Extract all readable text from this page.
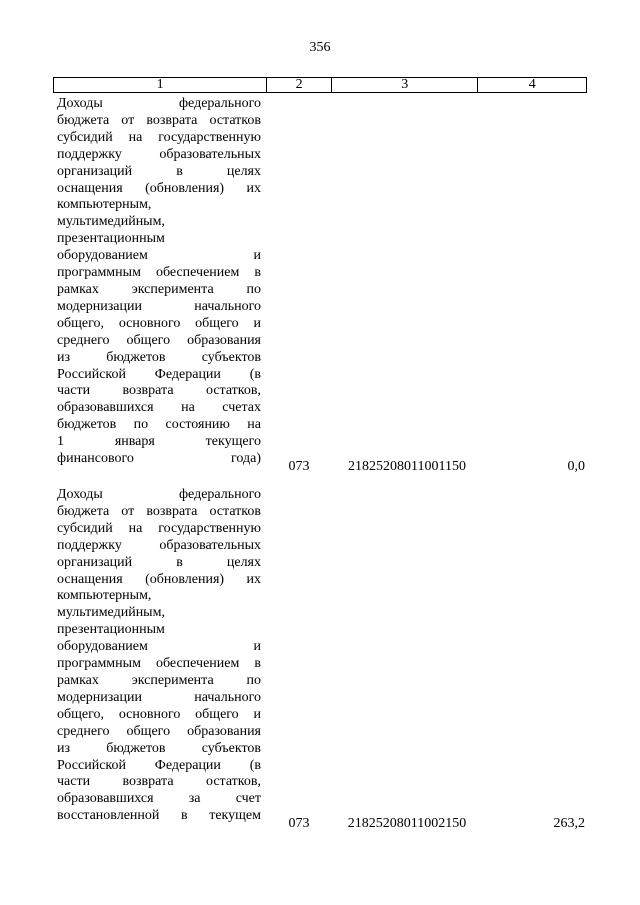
356
1	2	3	4
Доходы федерального
бюджета от возврата остатков
субсидий на государственную
поддержку образовательных
организаций в целях
оснащения (обновления) их
компьютерным,
мультимедийным,
презентационным
оборудованием и
программным обеспечением в
рамках эксперимента по
модернизации начального
общего, основного общего и
среднего общего образования
из бюджетов субъектов
Российской Федерации (в
части возврата остатков,
образовавшихся на счетах
бюджетов по состоянию на
1 января текущего
финансового года)
073	21825208011001150	0,0
Доходы федерального
бюджета от возврата остатков
субсидий на государственную
поддержку образовательных
организаций в целях
оснащения (обновления) их
компьютерным,
мультимедийным,
презентационным
оборудованием и
программным обеспечением в
рамках эксперимента по
модернизации начального
общего, основного общего и
среднего общего образования
из бюджетов субъектов
Российской Федерации (в
части возврата остатков,
образовавшихся за счет
восстановленной в текущем
073	21825208011002150	263,2
